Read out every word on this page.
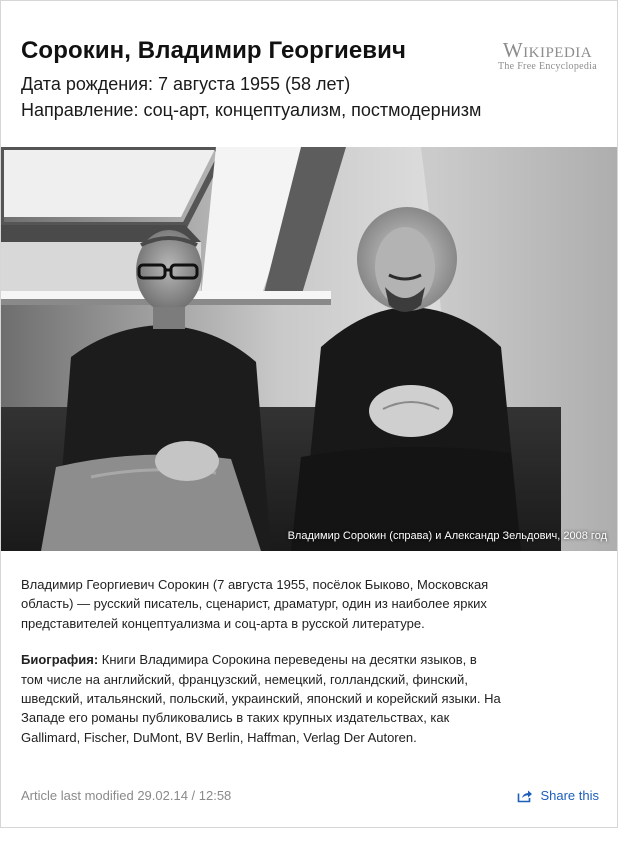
Сорокин, Владимир Георгиевич
Дата рождения: 7 августа 1955 (58 лет)
Направление: соц-арт, концептуализм, постмодернизм
Wikipedia
The Free Encyclopedia
Владимир Сорокин (справа) и Александр Зельдович, 2008 год

Владимир Георгиевич Сорокин (7 августа 1955, посёлок Быково, Московская область) — русский писатель, сценарист, драматург, один из наиболее ярких представителей концептуализма и соц-арта в русской литературе.

Биография: Книги Владимира Сорокина переведены на десятки языков, в том числе на английский, французский, немецкий, голландский, финский, шведский, итальянский, польский, украинский, японский и корейский языки. На Западе его романы публиковались в таких крупных издательствах, как Gallimard, Fischer, DuMont, BV Berlin, Haffman, Verlag Der Autoren.

Article last modified 29.02.14 / 12:58	Share this
